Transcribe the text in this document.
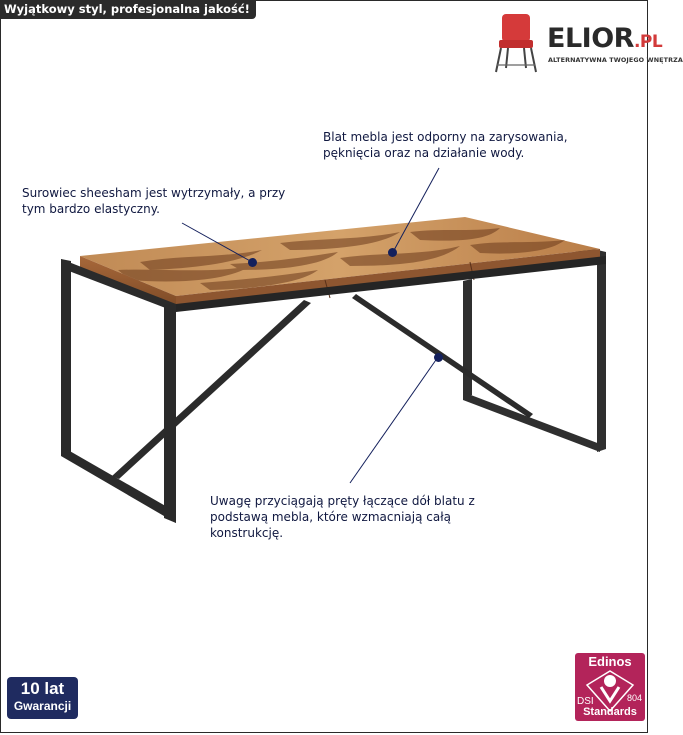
Wyjątkowy styl, profesjonalna jakość!
ELIOR.PL
ALTERNATYWNA TWOJEGO WNĘTRZA
Blat mebla jest odporny na zarysowania,
pęknięcia oraz na działanie wody.
Surowiec sheesham jest wytrzymały, a przy
tym bardzo elastyczny.
Uwagę przyciągają pręty łączące dół blatu z
podstawą mebla, które wzmacniają całą
konstrukcję.
10 lat
Gwarancji
Edinos
DSI	804
Standards
